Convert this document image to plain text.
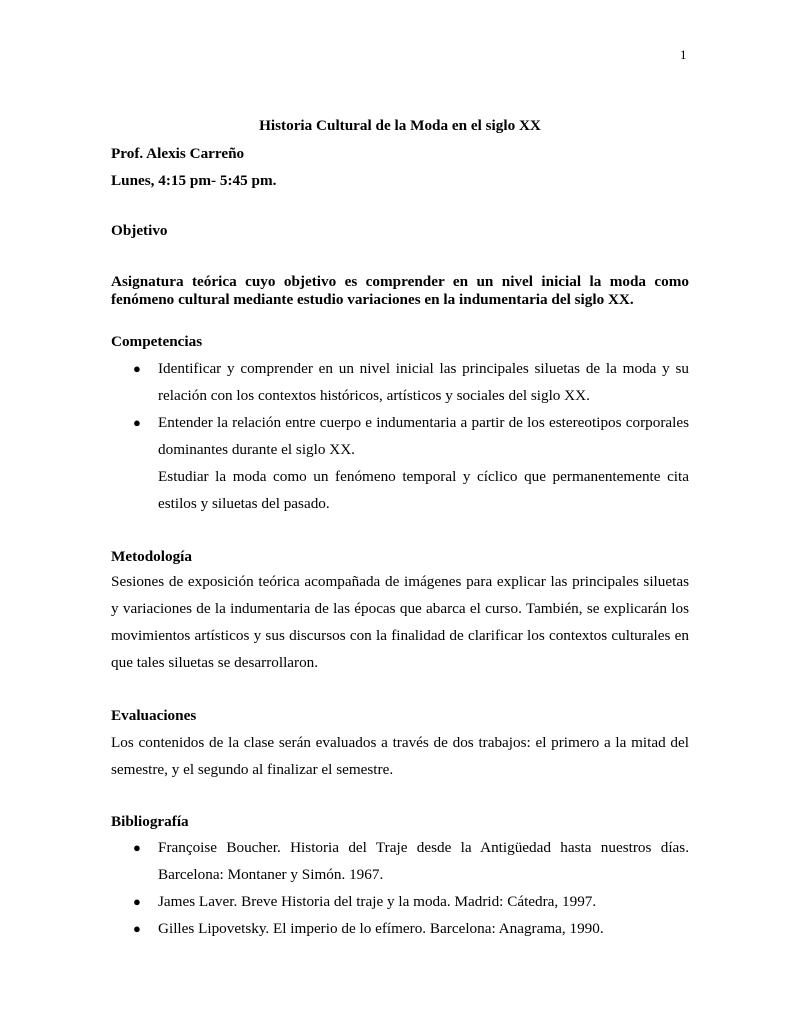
1
Historia Cultural de la Moda en el siglo XX
Prof. Alexis Carreño
Lunes, 4:15 pm- 5:45 pm.
Objetivo
Asignatura teórica cuyo objetivo es comprender en un nivel inicial la moda como fenómeno cultural mediante estudio variaciones en la indumentaria del siglo XX.
Competencias
● Identificar y comprender en un nivel inicial las principales siluetas de la moda y su relación con los contextos históricos, artísticos y sociales del siglo XX.
● Entender la relación entre cuerpo e indumentaria a partir de los estereotipos corporales dominantes durante el siglo XX.
Estudiar la moda como un fenómeno temporal y cíclico que permanentemente cita estilos y siluetas del pasado.
Metodología
Sesiones de exposición teórica acompañada de imágenes para explicar las principales siluetas y variaciones de la indumentaria de las épocas que abarca el curso. También, se explicarán los movimientos artísticos y sus discursos con la finalidad de clarificar los contextos culturales en que tales siluetas se desarrollaron.
Evaluaciones
Los contenidos de la clase serán evaluados a través de dos trabajos: el primero a la mitad del semestre, y el segundo al finalizar el semestre.
Bibliografía
● Françoise Boucher. Historia del Traje desde la Antigüedad hasta nuestros días. Barcelona: Montaner y Simón. 1967.
● James Laver. Breve Historia del traje y la moda. Madrid: Cátedra, 1997.
● Gilles Lipovetsky. El imperio de lo efímero. Barcelona: Anagrama, 1990.
